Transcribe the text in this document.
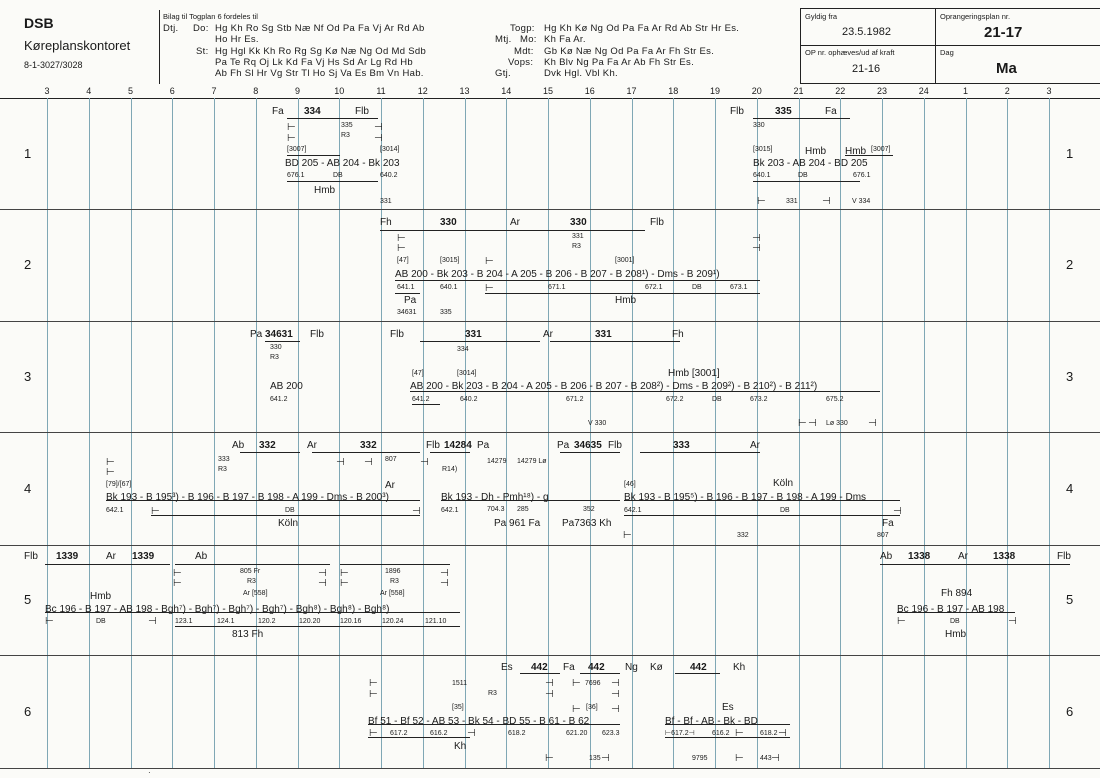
DSB
Køreplanskontoret
8-1-3027/3028
Bilag til Togplan 6 fordeles til
Dtj. Do: Hg Kh Ro Sg Stb Næ Nf Od Pa Fa Vj Ar Rd Ab
Ho Hr Es.
St: Hg Hgl Kk Kh Ro Rg Sg Kø Næ Ng Od Md Sdb
Pa Te Rq Oj Lk Kd Fa Vj Hs Sd Ar Lg Rd Hb
Ab Fh Sl Hr Vg Str Tl Ho Sj Va Es Bm Vn Hab.
Togp: Hg Kh Kø Ng Od Pa Fa Ar Rd Ab Str Hr Es.
Mtj. Mo: Kh Fa Ar.
Mdt: Gb Kø Næ Ng Od Pa Fa Ar Fh Str Es.
Vops: Kh Blv Ng Pa Fa Ar Ab Fh Str Es.
Gtj.	Dvk Hgl. Vbl Kh.
Gyldig fra
23.5.1982
OP nr. ophæves/ud af kraft
21-16
Oprangeringsplan nr.
21-17
Dag
Ma
3	4	5	6	7	8	9	10	11	12	13	14	15	16	17	18	19	20	21	22	23	24	1	2	3
1	1
2	2
3	3
4	4
5	5
6	6
Fa 334	Flb
335
R3
⊢
⊢
⊣
⊣
[3007]	[3014]
BD 205 - AB 204 - Bk 203
676.1	DB	640.2
Hmb
331
Flb	335	Fa
330
[3015]	Hmb Hmb [3007]
Bk 203 - AB 204 - BD 205
640.1	DB	676.1
⊢	331 ⊣	V 334
Fh	330	Ar	330	Flb
331
R3
⊢
⊢
⊣
⊣
[47]	[3015]	⊢	[3001]
AB 200 - Bk 203 - B 204 - A 205 - B 206 - B 207 - B 208¹) - Dms - B 209¹)
641.1	640.1	⊢	671.1	672.1	DB	673.1
Pa	Hmb
34631	335
Pa 34631 Flb	Flb	331	Ar	331	Fh
330
R3
334
[47]	[3014]	Hmb [3001]
AB 200	AB 200 - Bk 203 - B 204 - A 205 - B 206 - B 207 - B 208²) - Dms - B 209²) - B 210²) - B 211²)
641.2	641.2	640.2	671.2	672.2	DB	673.2	675.2
V 330	⊢ ⊣ Lø 330 ⊣
Ab 332	Ar	332	Flb 14284 Pa	Pa 34635 Flb	333	Ar
333
R3
807
R14)
14279 14279 Lø
⊢
⊢
⊣ ⊣	⊣
[79]/[67]	Ar	[46]	Köln
Bk 193 - B 195³) - B 196 - B 197 - B 198 - A 199 - Dms - B 200³)	Bk 193 - Dh - Pmh¹⁸) - g	Bk 193 - B 195⁵) - B 196 - B 197 - B 198 - A 199 - Dms
642.1	⊢	DB	⊣	642.1	704.3 285	352	642.1	DB	⊣
Köln	Pa 961 Fa Pa7363 Kh	Fa
⊢	332	807
Flb 1339	Ar 1339	Ab	Ab 1338	Ar	1338	Flb
⊢	805 Fr	⊣ ⊢	1896	⊣
⊢	R3	⊣ ⊢	R3	⊣
Ar [558]	Ar [558]	Fh 894
Hmb
Bc 196 - B 197 - AB 198 - Bgh⁷) - Bgh⁷) - Bgh⁷) - Bgh⁷) - Bgh⁸) - Bgh⁸) - Bgh⁸)	Bc 196 - B 197 - AB 198
⊢	DB	⊣	123.1	124.1	120.2	120.20	120.16	120.24	121.10	⊢	DB	⊣
813 Fh	Hmb
Es 442 Fa 442 Ng Kø	442	Kh
⊢	1511	⊣ ⊢ 7696 ⊣
⊢	R3	⊣	⊣
[35]	⊢ [36] ⊣	Es
Bf 51 - Bf 52 - AB 53 - Bk 54 - BD 55 - B 61 - B 62	Bf - Bf - AB - Bk - BD
⊢ 617.2	616.2 ⊣	618.2	621.20 623.3	⊢617.2⊣ 616.2 ⊢ 618.2 ⊣
Kh
⊢	135 ⊣	9795	⊢ 443 ⊣
·
